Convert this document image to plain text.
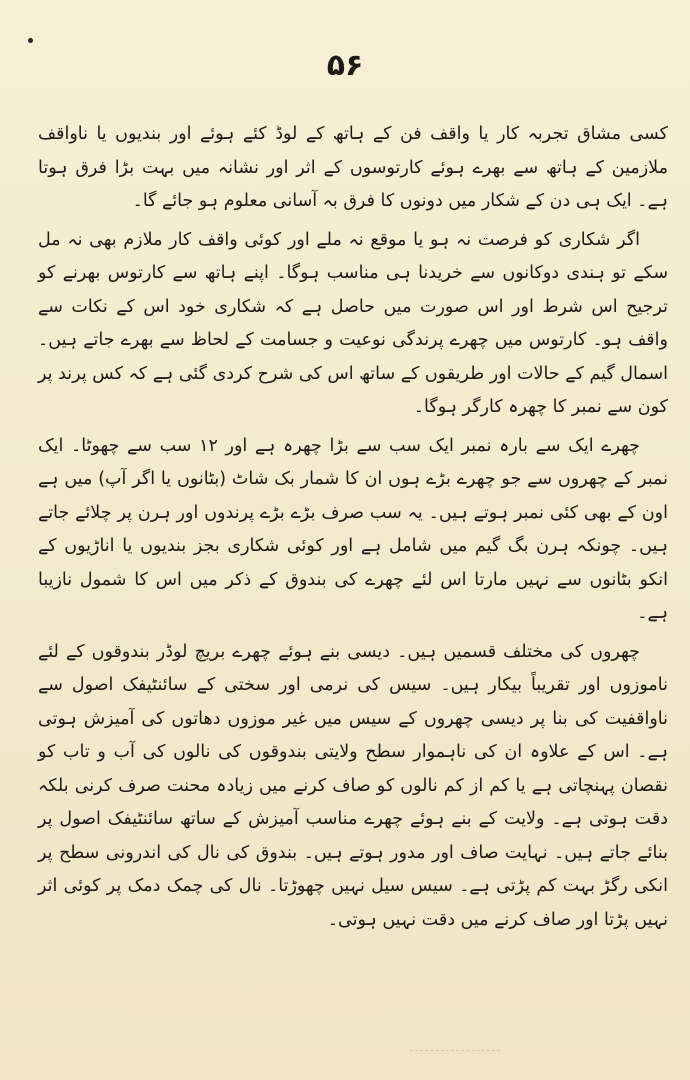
۵۶

کسی مشاق تجربہ کار یا واقف فن کے ہاتھ کے لوڈ کئے ہوئے اور بندیوں یا ناواقف ملازمین کے ہاتھ سے بھرے ہوئے کارتوسوں کے اثر اور نشانہ میں بہت بڑا فرق ہوتا ہے۔ ایک ہی دن کے شکار میں دونوں کا فرق بہ آسانی معلوم ہو جائے گا۔

اگر شکاری کو فرصت نہ ہو یا موقع نہ ملے اور کوئی واقف کار ملازم بھی نہ مل سکے تو ہندی دوکانوں سے خریدنا ہی مناسب ہوگا۔ اپنے ہاتھ سے کارتوس بھرنے کو ترجیح اس شرط اور اس صورت میں حاصل ہے کہ شکاری خود اس کے نکات سے واقف ہو۔ کارتوس میں چھرے پرندگی نوعیت و جسامت کے لحاظ سے بھرے جاتے ہیں۔ اسمال گیم کے حالات اور طریقوں کے ساتھ اس کی شرح کردی گئی ہے کہ کس پرند پر کون سے نمبر کا چھرہ کارگر ہوگا۔

چھرے ایک سے بارہ نمبر ایک سب سے بڑا چھرہ ہے اور ۱۲ سب سے چھوٹا۔ ایک نمبر کے چھروں سے جو چھرے بڑے ہوں ان کا شمار بک شاٹ (بٹانوں یا اگر آپ) میں ہے اون کے بھی کئی نمبر ہوتے ہیں۔ یہ سب صرف بڑے بڑے پرندوں اور ہرن پر چلائے جاتے ہیں۔ چونکہ ہرن بگ گیم میں شامل ہے اور کوئی شکاری بجز بندیوں یا اناڑیوں کے انکو بٹانوں سے نہیں مارتا اس لئے چھرے کی بندوق کے ذکر میں اس کا شمول نازیبا ہے۔

چھروں کی مختلف قسمیں ہیں۔ دیسی بنے ہوئے چھرے بریچ لوڈر بندوقوں کے لئے ناموزوں اور تقریباً بیکار ہیں۔ سیس کی نرمی اور سختی کے سائنٹیفک اصول سے ناواقفیت کی بنا پر دیسی چھروں کے سیس میں غیر موزوں دھاتوں کی آمیزش ہوتی ہے۔ اس کے علاوہ ان کی ناہموار سطح ولایتی بندوقوں کی نالوں کی آب و تاب کو نقصان پہنچاتی ہے یا کم از کم نالوں کو صاف کرنے میں زیادہ محنت صرف کرنی بلکہ دقت ہوتی ہے۔ ولایت کے بنے ہوئے چھرے مناسب آمیزش کے ساتھ سائنٹیفک اصول پر بنائے جاتے ہیں۔ نہایت صاف اور مدور ہوتے ہیں۔ بندوق کی نال کی اندرونی سطح پر انکی رگڑ بہت کم پڑتی ہے۔ سیس سیل نہیں چھوڑتا۔ نال کی چمک دمک پر کوئی اثر نہیں پڑتا اور صاف کرنے میں دقت نہیں ہوتی۔
